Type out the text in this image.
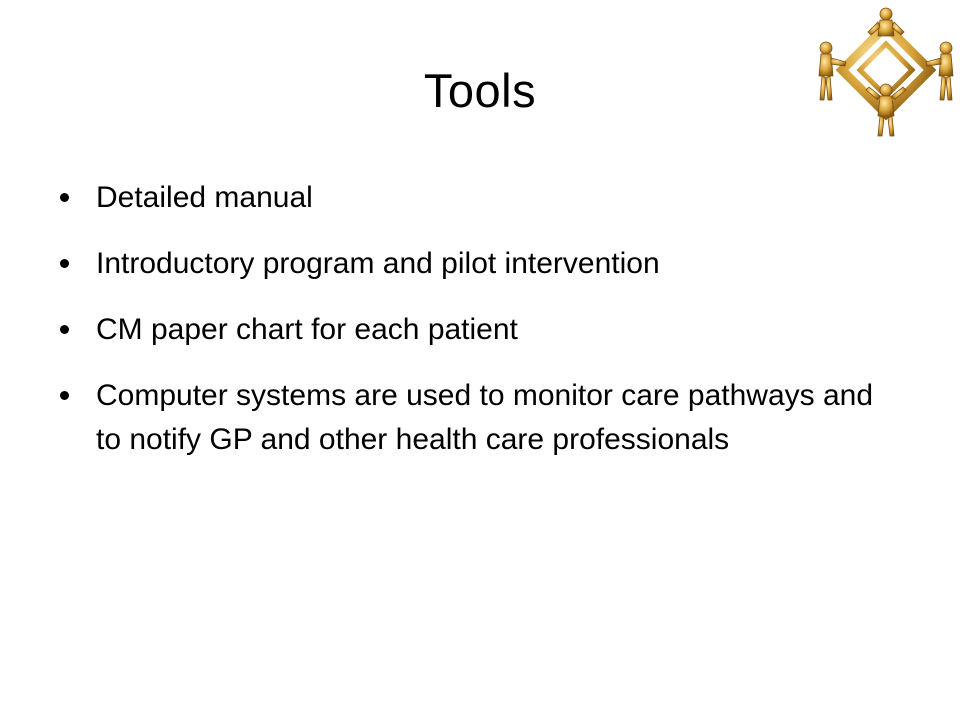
Tools
Detailed manual
Introductory program and pilot intervention
CM paper chart for each patient
Computer systems are used to monitor care pathways and to notify GP and other health care professionals
